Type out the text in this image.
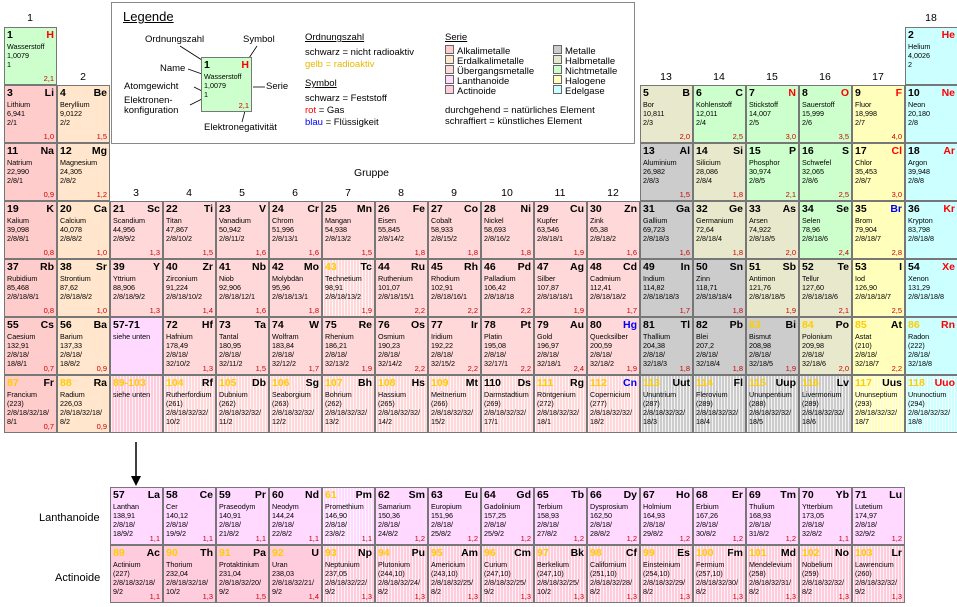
Legende
Ordnungszahl	Symbol
Name
Atomgewicht
Elektronen-
konfiguration
Serie
Elektronegativität
1	H
Wasserstoff
1,0079
1
2,1
Ordnungszahl
schwarz = nicht radioaktiv
gelb = radioaktiv
Symbol
schwarz = Feststoff
rot = Gas
blau = Flüssigkeit
Serie
Alkalimetalle
Erdalkalimetalle
Übergangsmetalle
Lanthanoide
Actinoide
Metalle
Halbmetalle
Nichtmetalle
Halogene
Edelgase
durchgehend = natürliches Element
schraffiert = künstliches Element
1
2
3	4	5	6	7	8	9	10	11	12
13	14	15	16	17
18
Gruppe
1	H
Wasserstoff
1,0079
1
2,1
2	He
Helium
4,0026
2
3	Li
Lithium
6,941
2/1
1,0
4	Be
Beryllium
9,0122
2/2
1,5
5	B
Bor
10,811
2/3
2,0
6	C
Kohlenstoff
12,011
2/4
2,5
7	N
Stickstoff
14,007
2/5
3,0
8	O
Sauerstoff
15,999
2/6
3,5
9	F
Fluor
18,998
2/7
4,0
10 Ne
Neon
20,180
2/8
11 Na
Natrium
22,990
2/8/1
0,9
12 Mg
Magnesium
24,305
2/8/2
1,2
13 Al
Aluminium
26,982
2/8/3
1,5
14 Si
Silicium
28,086
2/8/4
1,8
15	P
Phosphor
30,974
2/8/5
2,1
16	S
Schwefel
32,065
2/8/6
2,5
17 Cl
Chlor
35,453
2/8/7
3,0
18 Ar
Argon
39,948
2/8/8
19	K
Kalium
39,098
2/8/8/1
0,8
20 Ca
Calcium
40,078
2/8/8/2
1,0
21 Sc
Scandium
44,956
2/8/9/2
1,3
22 Ti
Titan
47,867
2/8/10/2
1,5
23	V
Vanadium
50,942
2/8/11/2
1,6
24 Cr
Chrom
51,996
2/8/13/1
1,6
25 Mn
Mangan
54,938
2/8/13/2
1,5
26 Fe
Eisen
55,845
2/8/14/2
1,8
27 Co
Cobalt
58,933
2/8/15/2
1,8
28 Ni
Nickel
58,693
2/8/16/2
1,8
29 Cu
Kupfer
63,546
2/8/18/1
1,9
30 Zn
Zink
65,38
2/8/18/2
1,6
31 Ga
Gallium
69,723
2/8/18/3
1,6
32 Ge
Germanium
72,64
2/8/18/4
1,8
33 As
Arsen
74,922
2/8/18/5
2,0
34 Se
Selen
78,96
2/8/18/6
2,4
35 Br
Brom
79,904
2/8/18/7
2,8
36 Kr
Krypton
83,798
2/8/18/8
37 Rb
Rubidium
85,468
2/8/18/8/1
0,8
38 Sr
Strontium
87,62
2/8/18/8/2
1,0
39	Y
Yttrium
88,906
2/8/18/9/2
1,3
40 Zr
Zirconium
91,224
2/8/18/10/2
1,4
41 Nb
Niob
92,906
2/8/18/12/1
1,6
42 Mo
Molybdän
95,96
2/8/18/13/1
1,8
43 Tc
Technetium
98,91
2/8/18/13/2
1,9
44 Ru
Ruthenium
101,07
2/8/18/15/1
2,2
45 Rh
Rhodium
102,91
2/8/18/16/1
2,2
46 Pd
Palladium
106,42
2/8/18/18
2,2
47 Ag
Silber
107,87
2/8/18/18/1
1,9
48 Cd
Cadmium
112,41
2/8/18/18/2
1,7
49 In
Indium
114,82
2/8/18/18/3
1,7
50 Sn
Zinn
118,71
2/8/18/18/4
1,8
51 Sb
Antimon
121,76
2/8/18/18/5
1,9
52 Te
Tellur
127,60
2/8/18/18/6
2,1
53	I
Iod
126,90
2/8/18/18/7
2,5
54 Xe
Xenon
131,29
2/8/18/18/8
55 Cs
Caesium
132,91
2/8/18/
18/8/1
0,7
56 Ba
Barium
137,33
2/8/18/
18/8/2
0,9
57-71
siehe unten
72 Hf
Hafnium
178,49
2/8/18/
32/10/2
1,3
73 Ta
Tantal
180,95
2/8/18/
32/11/2
1,5
74 W
Wolfram
183,84
2/8/18/
32/12/2
1,7
75 Re
Rhenium
186,21
2/8/18/
32/13/2
1,9
76 Os
Osmium
190,23
2/8/18/
32/14/2
2,2
77	Ir
Iridium
192,22
2/8/18/
32/15/2
2,2
78 Pt
Platin
195,08
2/8/18/
32/17/1
2,2
79 Au
Gold
196,97
2/8/18/
32/18/1
2,4
80 Hg
Quecksilber
200,59
2/8/18/
32/18/2
1,9
81 Tl
Thallium
204,38
2/8/18/
32/18/3
1,8
82 Pb
Blei
207,2
2/8/18/
32/18/4
1,8
83 Bi
Bismut
208,98
2/8/18/
32/18/5
1,9
84 Po
Polonium
209,98
2/8/18/
32/18/6
2,0
85 At
Astat
(210)
2/8/18/
32/18/7
2,2
86 Rn
Radon
(222)
2/8/18/
32/18/8
87 Fr
Francium
(223)
2/8/18/32/18/
8/1
0,7
88 Ra
Radium
226,03
2/8/18/32/18/
8/2
0,9
89-103
siehe unten
104 Rf
Rutherfordium
(261)
2/8/18/32/32/
10/2
105 Db
Dubnium
(262)
2/8/18/32/32/
11/2
106 Sg
Seaborgium
(263)
2/8/18/32/32/
12/2
107 Bh
Bohrium
(262)
2/8/18/32/32/
13/2
108 Hs
Hassium
(265)
2/8/18/32/32/
14/2
109 Mt
Meitnerium
(266)
2/8/18/32/32/
15/2
110 Ds
Darmstadtium
(269)
2/8/18/32/32/
17/1
111 Rg
Röntgenium
(272)
2/8/18/32/32/
18/1
112 Cn
Copernicium
(277)
2/8/18/32/32/
18/2
113 Uut
Ununtrium
(287)
2/8/18/32/32/
18/3
114 Fl
Flerovium
(289)
2/8/18/32/32/
18/4
115 Uup
Ununpentium
(288)
2/8/18/32/32/
18/5
116 Lv
Livermorium
(289)
2/8/18/32/32/
18/6
117 Uus
Ununseptium
(293)
2/8/18/32/32/
18/7
118 Uuo
Ununoctium
(294)
2/8/18/32/32/
18/8
Lanthanoide
Actinoide
57 La
Lanthan
138,91
2/8/18/
18/9/2
1,1
58 Ce
Cer
140,12
2/8/18/
19/9/2
1,1
59 Pr
Praseodym
140,91
2/8/18/
21/8/2
1,1
60 Nd
Neodym
144,24
2/8/18/
22/8/2
1,1
61 Pm
Promethium
146,90
2/8/18/
23/8/2
1,1
62 Sm
Samarium
150,36
2/8/18/
24/8/2
1,2
63 Eu
Europium
151,96
2/8/18/
25/8/2
1,2
64 Gd
Gadolinium
157,25
2/8/18/
25/9/2
1,2
65 Tb
Terbium
158,93
2/8/18/
27/8/2
1,2
66 Dy
Dysprosium
162,50
2/8/18/
28/8/2
1,2
67 Ho
Holmium
164,93
2/8/18/
29/8/2
1,2
68 Er
Erbium
167,26
2/8/18/
30/8/2
1,2
69 Tm
Thulium
168,93
2/8/18/
31/8/2
1,2
70 Yb
Ytterbium
173,05
2/8/18/
32/8/2
1,1
71 Lu
Lutetium
174,97
2/8/18/
32/9/2
1,2
89 Ac
Actinium
(227)
2/8/18/32/18/
9/2
1,1
90 Th
Thorium
232,04
2/8/18/32/18/
10/2
1,3
91 Pa
Protaktinium
231,04
2/8/18/32/20/
9/2
1,5
92	U
Uran
238,03
2/8/18/32/21/
9/2
1,4
93 Np
Neptunium
237,05
2/8/18/32/22/
9/2
1,3
94 Pu
Plutonium
(244,10)
2/8/18/32/24/
8/2
1,3
95 Am
Americium
(243,10)
2/8/18/32/25/
8/2
1,3
96 Cm
Curium
(247,10)
2/8/18/32/25/
9/2
1,3
97 Bk
Berkelium
(247,10)
2/8/18/32/25/
10/2
1,3
98 Cf
Californium
(251,10)
2/8/18/32/28/
8/2
1,3
99 Es
Einsteinium
(254,10)
2/8/18/32/29/
8/2
1,3
100 Fm
Fermium
(257,10)
2/8/18/32/30/
8/2
1,3
101 Md
Mendelevium
(258)
2/8/18/32/31/
8/2
1,3
102 No
Nobelium
(259)
2/8/18/32/32/
8/2
1,3
103 Lr
Lawrencium
(260)
2/8/18/32/32/
9/2
1,3
